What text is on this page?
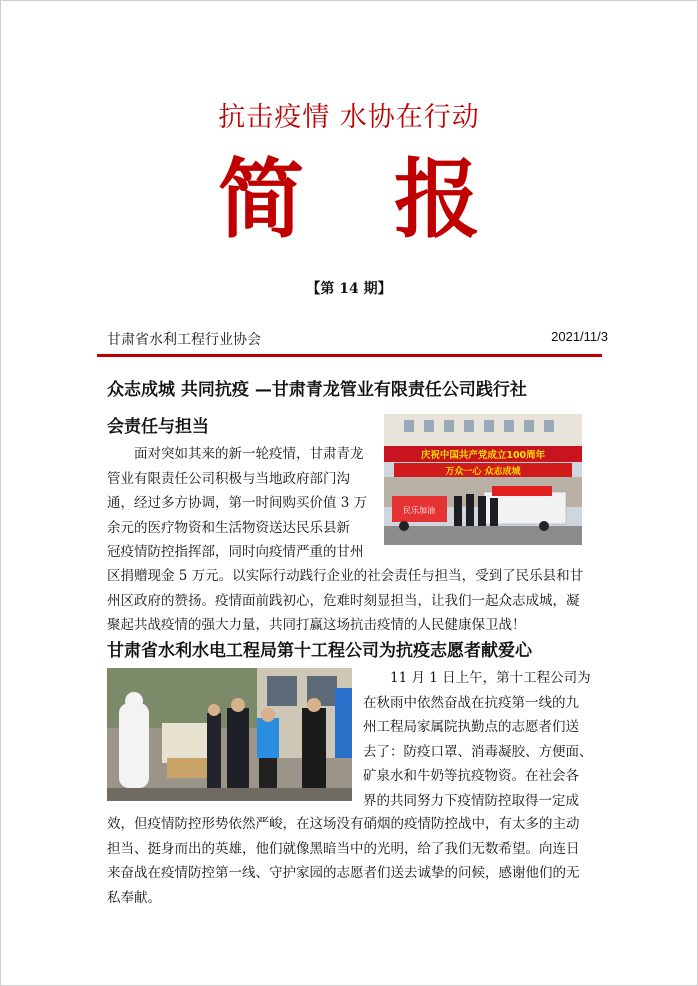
抗击疫情 水协在行动
简报
【第 14 期】
甘肃省水利工程行业协会	2021/11/3
众志成城 共同抗疫 —甘肃青龙管业有限责任公司践行社
会责任与担当
面对突如其来的新一轮疫情，甘肃青龙
管业有限责任公司积极与当地政府部门沟
通，经过多方协调，第一时间购买价值 3 万
余元的医疗物资和生活物资送达民乐县新
冠疫情防控指挥部，同时向疫情严重的甘州
区捐赠现金 5 万元。以实际行动践行企业的社会责任与担当，受到了民乐县和甘
州区政府的赞扬。疫情面前践初心，危难时刻显担当，让我们一起众志成城，凝
聚起共战疫情的强大力量，共同打赢这场抗击疫情的人民健康保卫战！
庆祝中国共产党成立100周年
万众一心 众志成城
民乐加油
甘肃省水利水电工程局第十工程公司为抗疫志愿者献爱心
11 月 1 日上午，第十工程公司为
在秋雨中依然奋战在抗疫第一线的九
州工程局家属院执勤点的志愿者们送
去了：防疫口罩、消毒凝胶、方便面、
矿泉水和牛奶等抗疫物资。在社会各
界的共同努力下疫情防控取得一定成
效，但疫情防控形势依然严峻，在这场没有硝烟的疫情防控战中，有太多的主动
担当、挺身而出的英雄，他们就像黑暗当中的光明，给了我们无数希望。向连日
来奋战在疫情防控第一线、守护家园的志愿者们送去诚挚的问候，感谢他们的无
私奉献。
